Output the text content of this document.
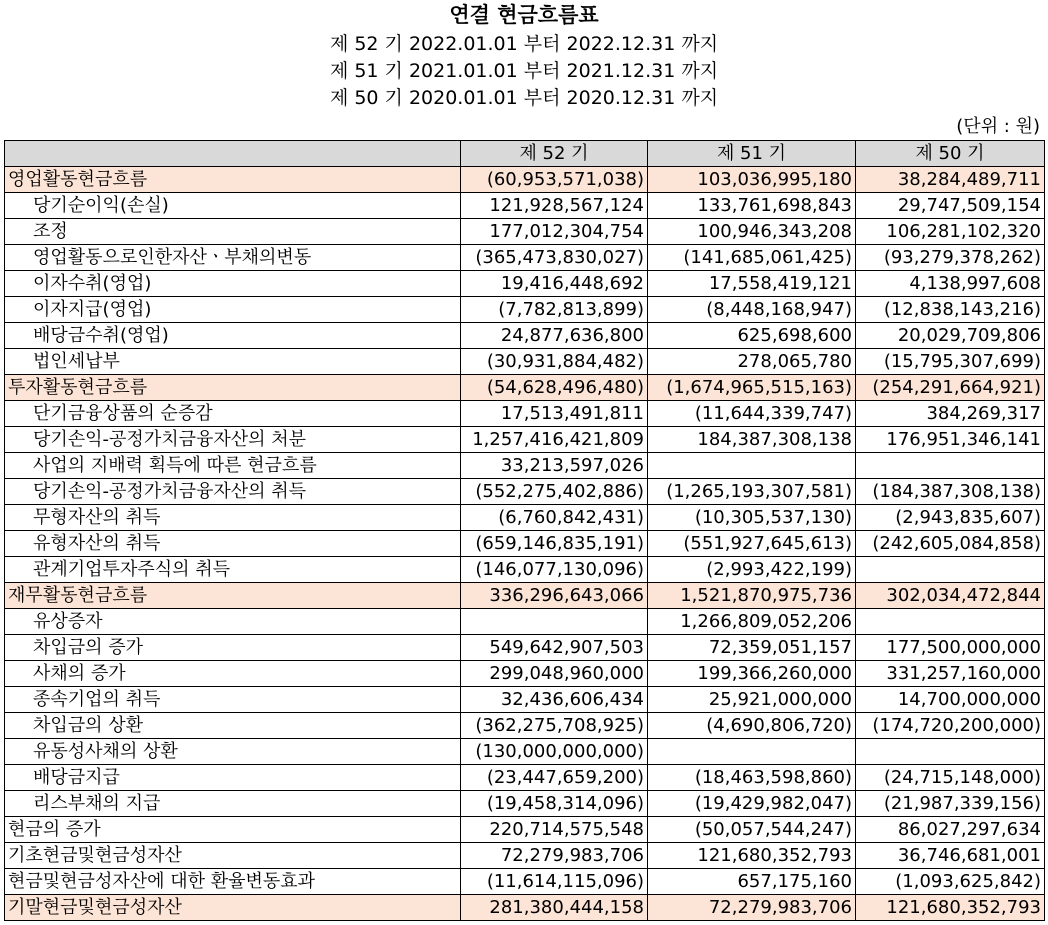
연결 현금흐름표
제 52 기 2022.01.01 부터 2022.12.31 까지
제 51 기 2021.01.01 부터 2021.12.31 까지
제 50 기 2020.01.01 부터 2020.12.31 까지
(단위 : 원)
	제 52 기	제 51 기	제 50 기
영업활동현금흐름	(60,953,571,038)	103,036,995,180	38,284,489,711
당기순이익(손실)	121,928,567,124	133,761,698,843	29,747,509,154
조정	177,012,304,754	100,946,343,208	106,281,102,320
영업활동으로인한자산ㆍ부채의변동	(365,473,830,027)	(141,685,061,425)	(93,279,378,262)
이자수취(영업)	19,416,448,692	17,558,419,121	4,138,997,608
이자지급(영업)	(7,782,813,899)	(8,448,168,947)	(12,838,143,216)
배당금수취(영업)	24,877,636,800	625,698,600	20,029,709,806
법인세납부	(30,931,884,482)	278,065,780	(15,795,307,699)
투자활동현금흐름	(54,628,496,480)	(1,674,965,515,163)	(254,291,664,921)
단기금융상품의 순증감	17,513,491,811	(11,644,339,747)	384,269,317
당기손익-공정가치금융자산의 처분	1,257,416,421,809	184,387,308,138	176,951,346,141
사업의 지배력 획득에 따른 현금흐름	33,213,597,026		
당기손익-공정가치금융자산의 취득	(552,275,402,886)	(1,265,193,307,581)	(184,387,308,138)
무형자산의 취득	(6,760,842,431)	(10,305,537,130)	(2,943,835,607)
유형자산의 취득	(659,146,835,191)	(551,927,645,613)	(242,605,084,858)
관계기업투자주식의 취득	(146,077,130,096)	(2,993,422,199)	
재무활동현금흐름	336,296,643,066	1,521,870,975,736	302,034,472,844
유상증자		1,266,809,052,206	
차입금의 증가	549,642,907,503	72,359,051,157	177,500,000,000
사채의 증가	299,048,960,000	199,366,260,000	331,257,160,000
종속기업의 취득	32,436,606,434	25,921,000,000	14,700,000,000
차입금의 상환	(362,275,708,925)	(4,690,806,720)	(174,720,200,000)
유동성사채의 상환	(130,000,000,000)		
배당금지급	(23,447,659,200)	(18,463,598,860)	(24,715,148,000)
리스부채의 지급	(19,458,314,096)	(19,429,982,047)	(21,987,339,156)
현금의 증가	220,714,575,548	(50,057,544,247)	86,027,297,634
기초현금및현금성자산	72,279,983,706	121,680,352,793	36,746,681,001
현금및현금성자산에 대한 환율변동효과	(11,614,115,096)	657,175,160	(1,093,625,842)
기말현금및현금성자산	281,380,444,158	72,279,983,706	121,680,352,793
